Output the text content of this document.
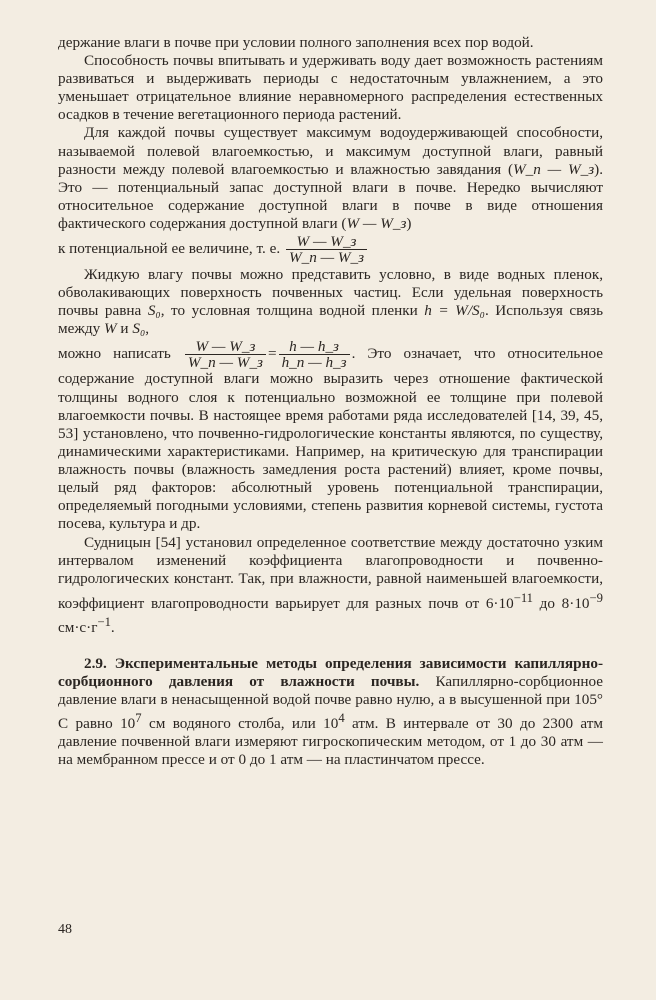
держание влаги в почве при условии полного заполнения всех пор водой.

Способность почвы впитывать и удерживать воду дает возможность растениям развиваться и выдерживать периоды с недостаточным увлажнением, а это уменьшает отрицательное влияние неравномерного распределения естественных осадков в течение вегетационного периода растений.

Для каждой почвы существует максимум водоудерживающей способности, называемой полевой влагоемкостью, и максимум доступной влаги, равный разности между полевой влагоемкостью и влажностью завядания (W_п — W_з). Это — потенциальный запас доступной влаги в почве. Нередко вычисляют относительное содержание доступной влаги в почве в виде отношения фактического содержания доступной влаги (W — W_з)

к потенциальной ее величине, т. е. $\frac{W — W\_з}{W\_п — W\_з}$

Жидкую влагу почвы можно представить условно, в виде водных пленок, обволакивающих поверхность почвенных частиц. Если удельная поверхность почвы равна S₀, то условная толщина водной пленки h = W/S₀. Используя связь между W и S₀,

можно написать $\frac{W — W\_з}{W\_п — W\_з} = \frac{h — h\_з}{h\_п — h\_з}$ . Это означает, что относительное содержание доступной влаги можно выразить через отношение фактической толщины водного слоя к потенциально возможной ее толщине при полевой влагоемкости почвы. В настоящее время работами ряда исследователей [14, 39, 45, 53] установлено, что почвенно-гидрологические константы являются, по существу, динамическими характеристиками. Например, на критическую для транспирации влажность почвы (влажность замедления роста растений) влияет, кроме почвы, целый ряд факторов: абсолютный уровень потенциальной транспирации, определяемый погодными условиями, степень развития корневой системы, густота посева, культура и др.

Судницын [54] установил определенное соответствие между достаточно узким интервалом изменений коэффициента влагопроводности и почвенно-гидрологических констант. Так, при влажности, равной наименьшей влагоемкости, коэффициент влагопроводности варьирует для разных почв от $6\cdot 10^{-11}$ до $8\cdot 10^{-9}$ $см\cdot с\cdot г^{-1}$.

2.9. Экспериментальные методы определения зависимости капиллярно-сорбционного давления от влажности почвы. Капиллярно-сорбционное давление влаги в ненасыщенной водой почве равно нулю, а в высушенной при 105° С равно $10^7$ см водяного столба, или $10^4$ атм. В интервале от 30 до 2300 атм давление почвенной влаги измеряют гигроскопическим методом, от 1 до 30 атм — на мембранном прессе и от 0 до 1 атм — на пластинчатом прессе.

48
